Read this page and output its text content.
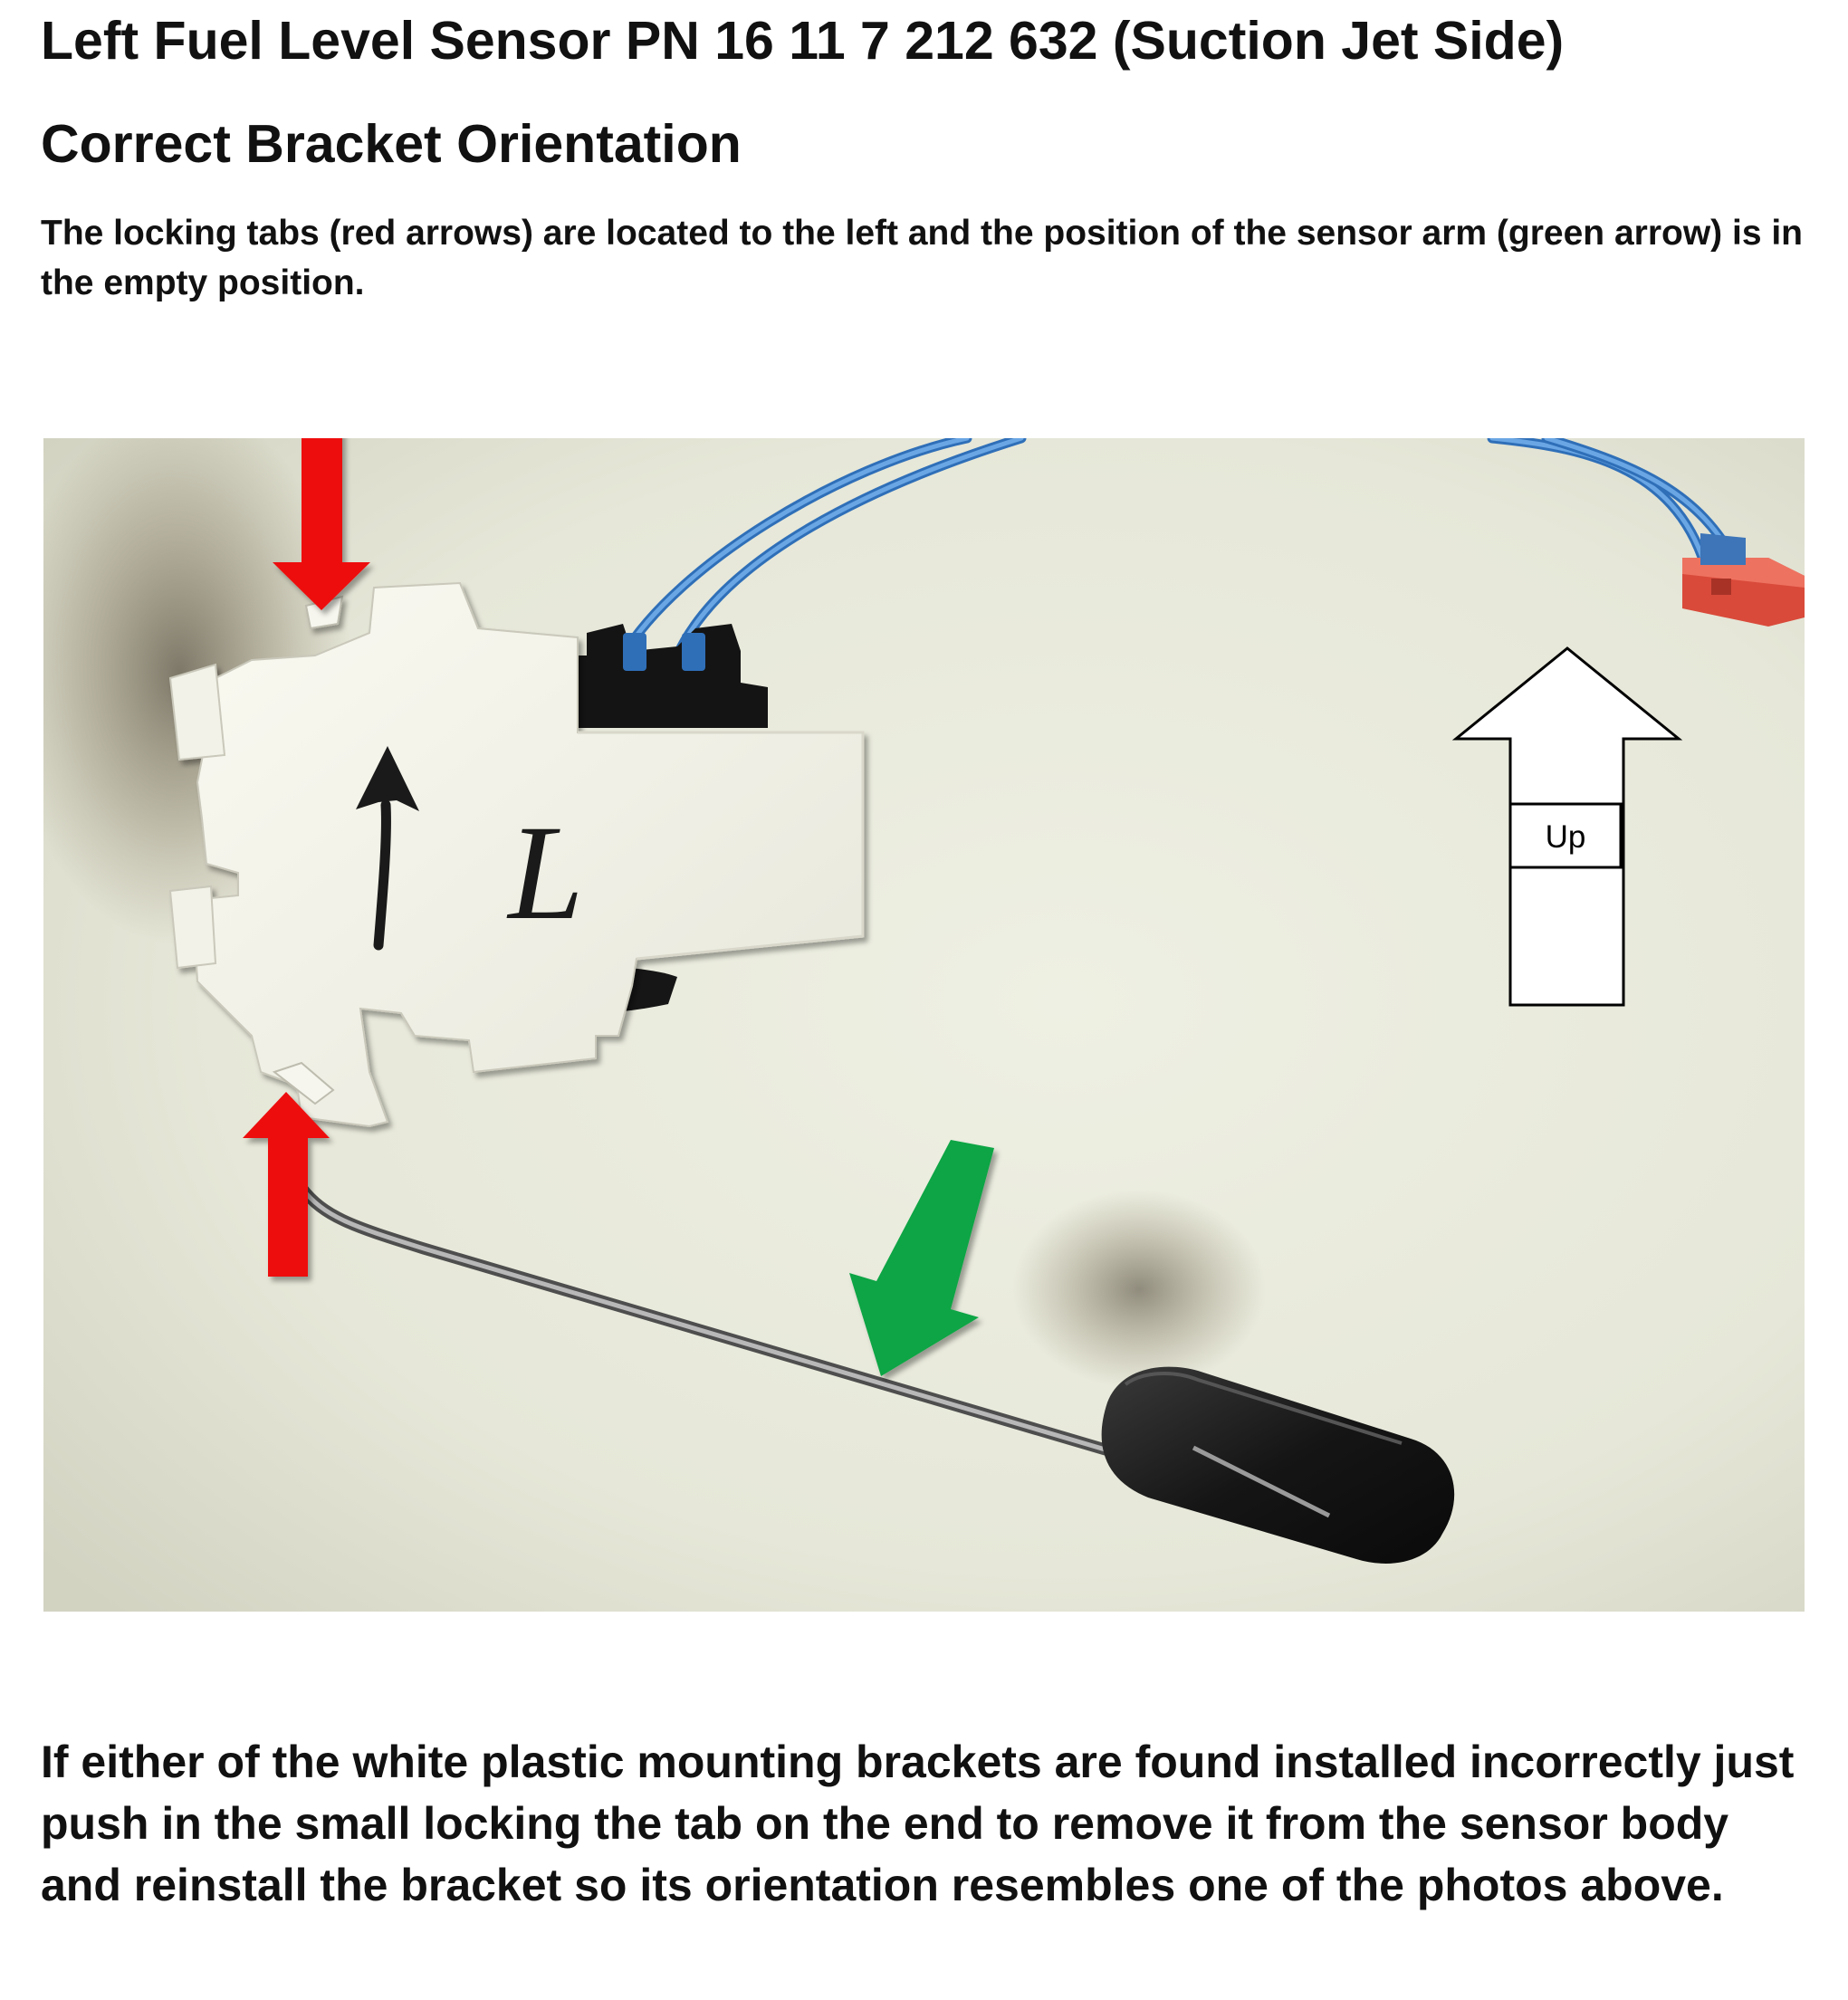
Left Fuel Level Sensor PN 16 11 7 212 632 (Suction Jet Side)
Correct Bracket Orientation

The locking tabs (red arrows) are located to the left and the position of the sensor arm (green arrow) is in the empty position.

Up
L

If either of the white plastic mounting brackets are found installed incorrectly just push in the small locking the tab on the end to remove it from the sensor body and reinstall the bracket so its orientation resembles one of the photos above.
